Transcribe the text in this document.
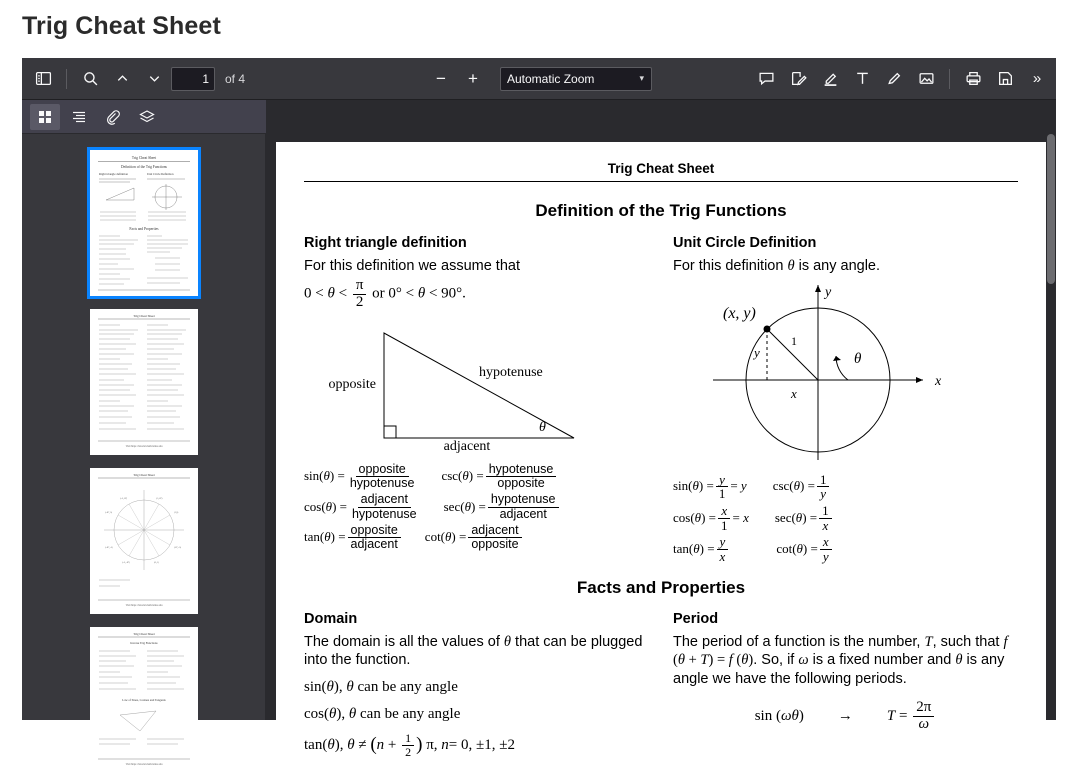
Trig Cheat Sheet
1
of 4	−	+
Automatic Zoom	▾	»
Trig Cheat Sheet
Definition of the Trig Functions
Right triangle definition	Unit Circle Definition
Facts and Properties
Trig Cheat Sheet
Visit https://tutorial.math.lamar.edu
Trig Cheat Sheet
(1,0)
(.87,-.5)
(.5,.87)
(0,-1)
(-.87,.5)
(-.87,-.5)
(-.5,.87)
(-.5,-.87)
Visit https://tutorial.math.lamar.edu
Trig Cheat Sheet
Inverse Trig Functions
Law of Sines, Cosines and Tangents
Visit https://tutorial.math.lamar.edu
Trig Cheat Sheet
Definition of the Trig Functions
Right triangle definition
For this definition we assume that
$0 < \theta < \frac{\pi}{2}$ or 0° < θ < 90°.
opposite
hypotenuse
adjacent
θ
$\sin(\theta) = \frac{\text{opposite}}{\text{hypotenuse}} \csc(\theta) = \frac{\text{hypotenuse}}{\text{opposite}}$
$\cos(\theta) = \frac{\text{adjacent}}{\text{hypotenuse}} \sec(\theta) = \frac{\text{hypotenuse}}{\text{adjacent}}$
$\tan(\theta) = \frac{\text{opposite}}{\text{adjacent}} \cot(\theta) = \frac{\text{adjacent}}{\text{opposite}}$
Unit Circle Definition
For this definition θ is any angle.
(x, y)
y
x
y
x
1
θ
$\sin(\theta) = \frac{y}{1} = y$ $\csc(\theta) = \frac{1}{y}$
$\cos(\theta) = \frac{x}{1} = x$ $\sec(\theta) = \frac{1}{x}$
$\tan(\theta) = \frac{y}{x}$	$\cot(\theta) = \frac{x}{y}$
Facts and Properties
Domain
The domain is all the values of θ that can be plugged into the function.
sin(θ), θ can be any angle
cos(θ), θ can be any angle
tan( θ ), θ ≠ ( $n + \frac{1}{2}$ ) π, n = 0, ±1, ±2
Period
The period of a function is the number, T, such that f (θ + T) = f (θ). So, if ω is a fixed number and θ is any angle we have the following periods.
$\sin (\omega\theta) \to T = \frac{2\pi}{\omega}$
